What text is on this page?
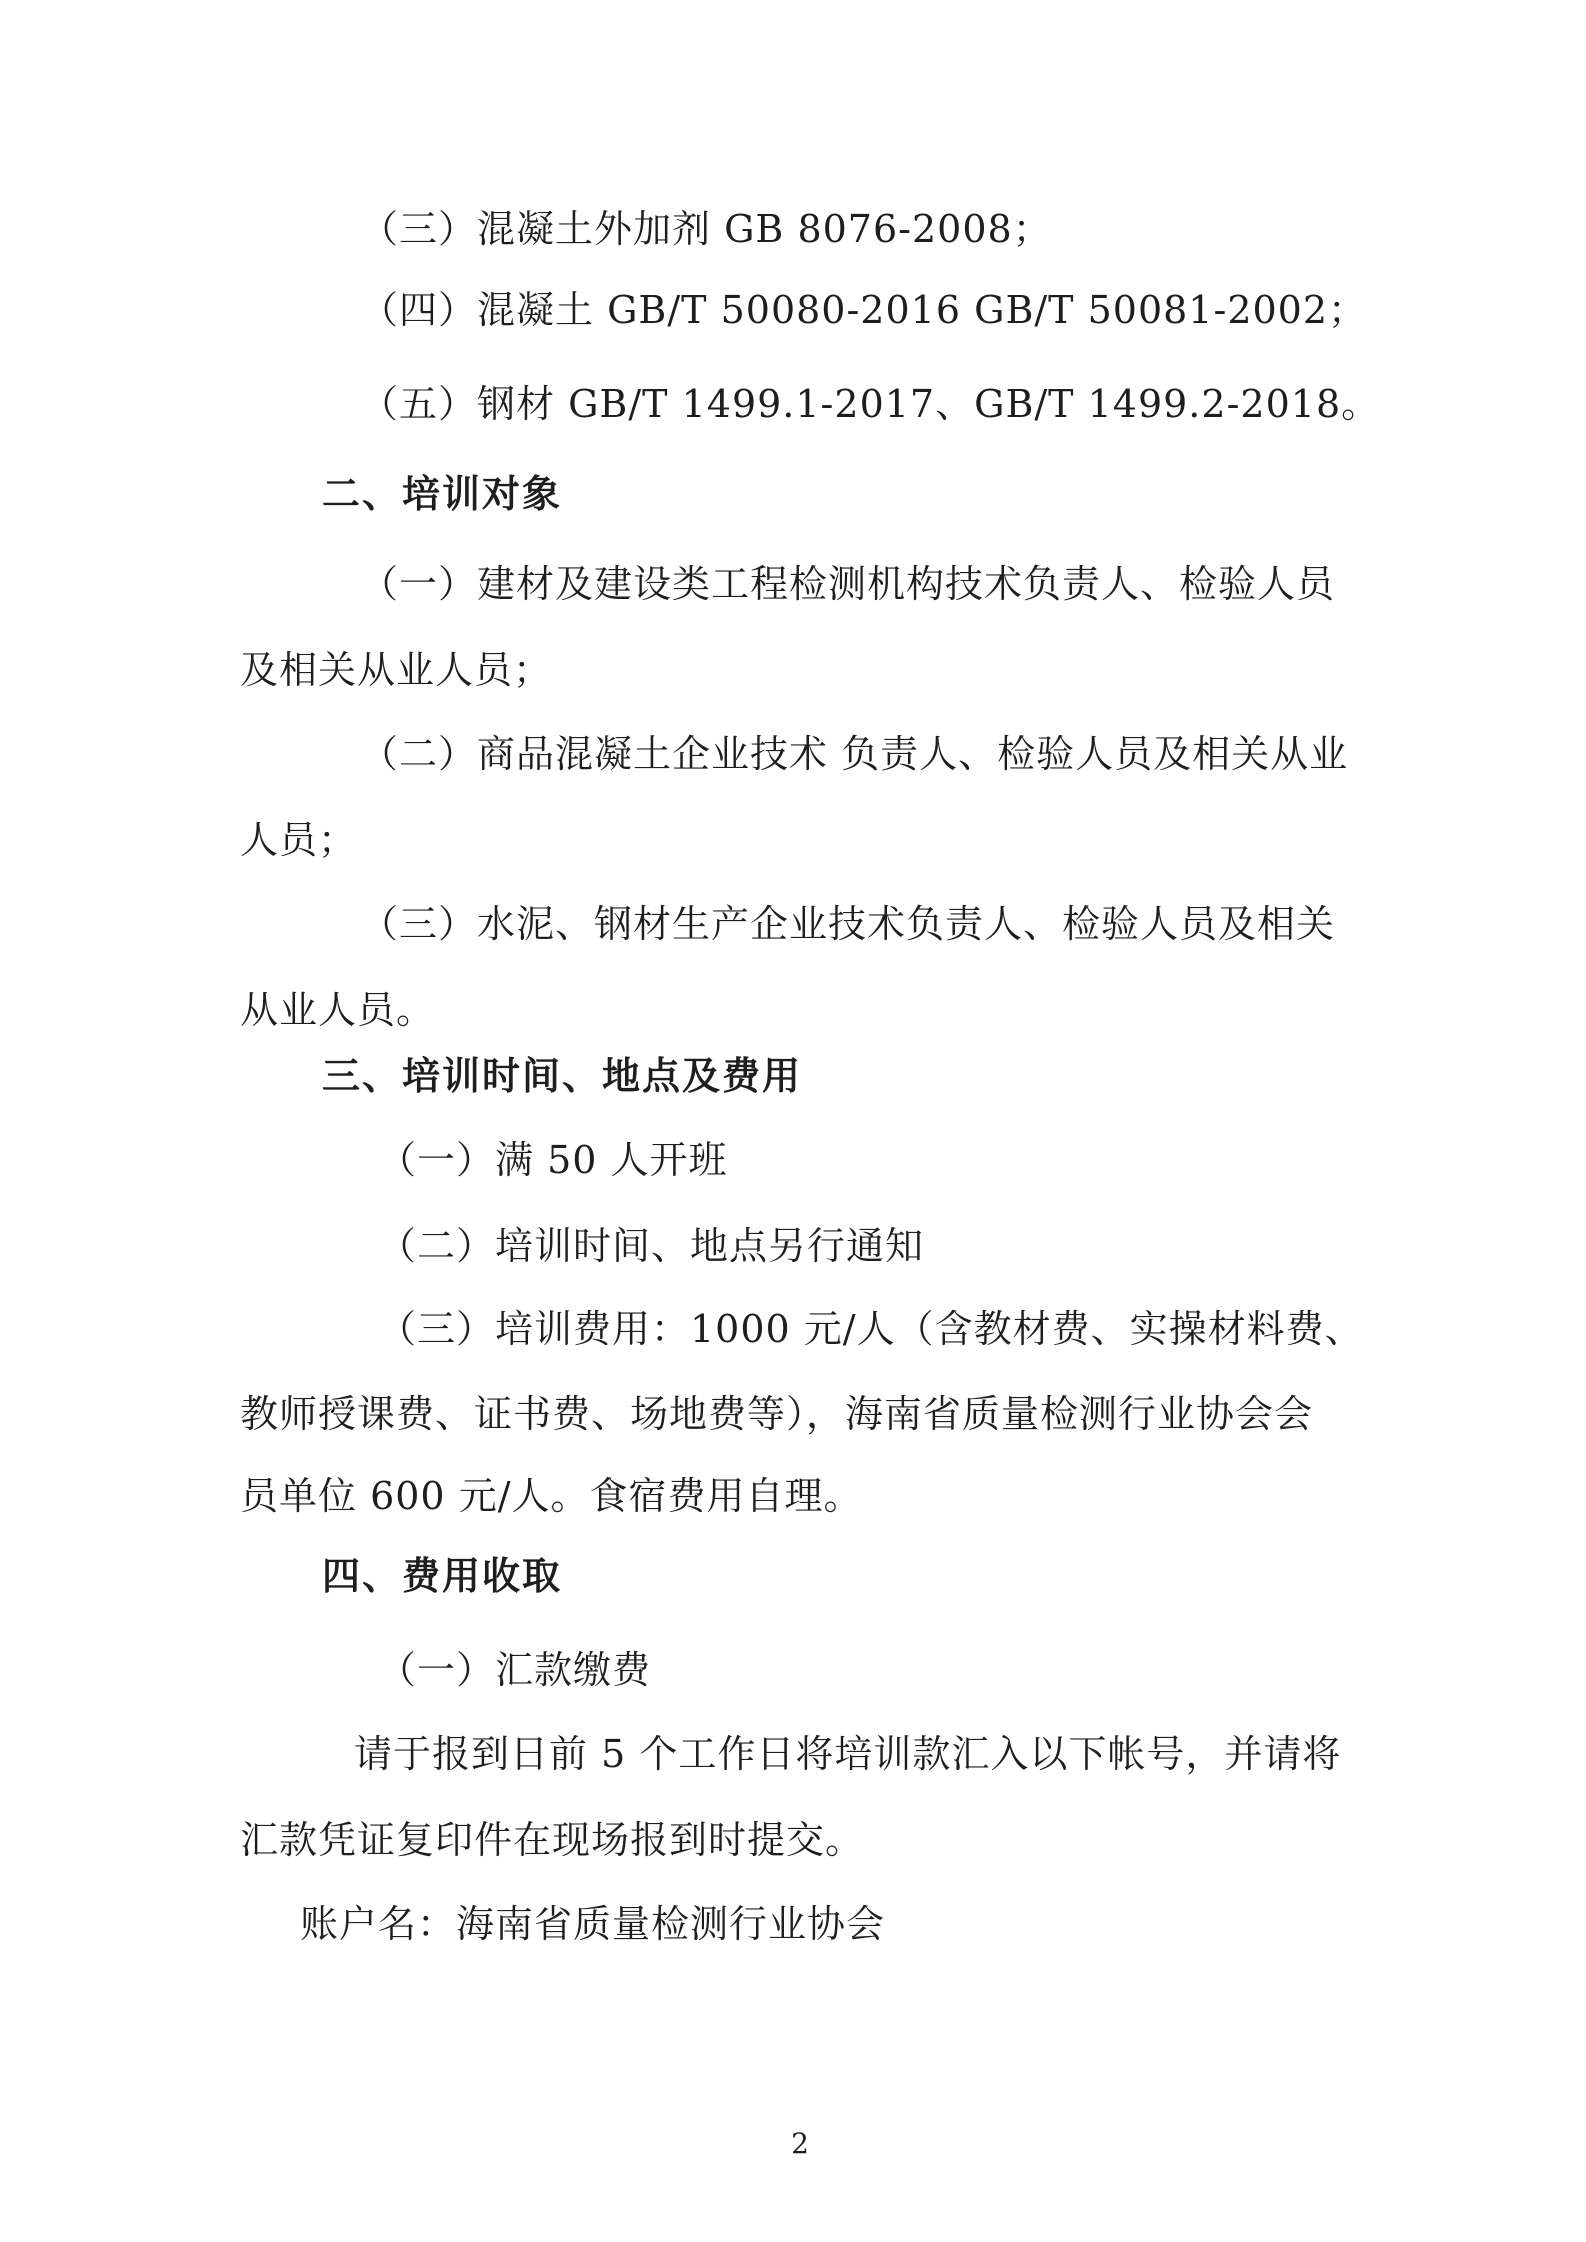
（三）混凝土外加剂 GB 8076-2008；
（四）混凝土 GB/T 50080-2016 GB/T 50081-2002；
（五）钢材 GB/T 1499.1-2017、GB/T 1499.2-2018。
二、培训对象
（一）建材及建设类工程检测机构技术负责人、检验人员
及相关从业人员；
（二）商品混凝土企业技术 负责人、检验人员及相关从业
人员；
（三）水泥、钢材生产企业技术负责人、检验人员及相关
从业人员。
三、培训时间、地点及费用
（一）满 50 人开班
（二）培训时间、地点另行通知
（三）培训费用：1000 元/人（含教材费、实操材料费、
教师授课费、证书费、场地费等），海南省质量检测行业协会会
员单位 600 元/人。食宿费用自理。
四、费用收取
（一）汇款缴费
请于报到日前 5 个工作日将培训款汇入以下帐号，并请将
汇款凭证复印件在现场报到时提交。
账户名：海南省质量检测行业协会
2
